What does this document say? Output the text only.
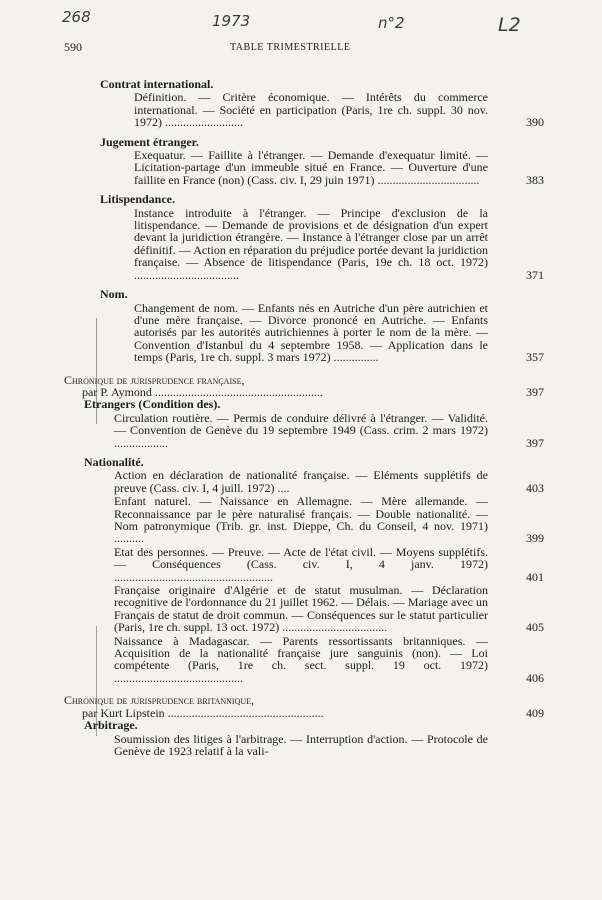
268	1973	n°2	L2
590	TABLE TRIMESTRIELLE
Contrat international.
Définition. — Critère économique. — Intérêts du commerce international. — Société en participation (Paris, 1re ch. suppl. 30 nov. 1972) ..........................	390
Jugement étranger.
Exequatur. — Faillite à l'étranger. — Demande d'exequatur limité. — Licitation-partage d'un immeuble situé en France. — Ouverture d'une faillite en France (non) (Cass. civ. I, 29 juin 1971) ..................................	383
Litispendance.
Instance introduite à l'étranger. — Principe d'exclusion de la litispendance. — Demande de provisions et de désignation d'un expert devant la juridiction étrangère. — Instance à l'étranger close par un arrêt définitif. — Action en réparation du préjudice portée devant la juridiction française. — Absence de litispendance (Paris, 19e ch. 18 oct. 1972) ...................................	371
Nom.
Changement de nom. — Enfants nés en Autriche d'un père autrichien et d'une mère française. — Divorce prononcé en Autriche. — Enfants autorisés par les autorités autrichiennes à porter le nom de la mère. — Convention d'Istanbul du 4 septembre 1958. — Application dans le temps (Paris, 1re ch. suppl. 3 mars 1972) ...............	357
Chronique de jurisprudence française,
par P. Aymond ........................................................	397
Etrangers (Condition des).
Circulation routière. — Permis de conduire délivré à l'étranger. — Validité. — Convention de Genève du 19 septembre 1949 (Cass. crim. 2 mars 1972) ..................	397
Nationalité.
Action en déclaration de nationalité française. — Eléments supplétifs de preuve (Cass. civ. I, 4 juill. 1972) ....	403
Enfant naturel. — Naissance en Allemagne. — Mère allemande. — Reconnaissance par le père naturalisé français. — Double nationalité. — Nom patronymique (Trib. gr. inst. Dieppe, Ch. du Conseil, 4 nov. 1971) ..........	399
Etat des personnes. — Preuve. — Acte de l'état civil. — Moyens supplétifs. — Conséquences (Cass. civ. I, 4 janv. 1972) .....................................................	401
Française originaire d'Algérie et de statut musulman. — Déclaration recognitive de l'ordonnance du 21 juillet 1962. — Délais. — Mariage avec un Français de statut de droit commun. — Conséquences sur le statut particulier (Paris, 1re ch. suppl. 13 oct. 1972) ...................................	405
Naissance à Madagascar. — Parents ressortissants britanniques. — Acquisition de la nationalité française jure sanguinis (non). — Loi compétente (Paris, 1re ch. sect. suppl. 19 oct. 1972) ...........................................	406
Chronique de jurisprudence britannique,
par Kurt Lipstein ....................................................	409
Arbitrage.
Soumission des litiges à l'arbitrage. — Interruption d'action. — Protocole de Genève de 1923 relatif à la vali-
